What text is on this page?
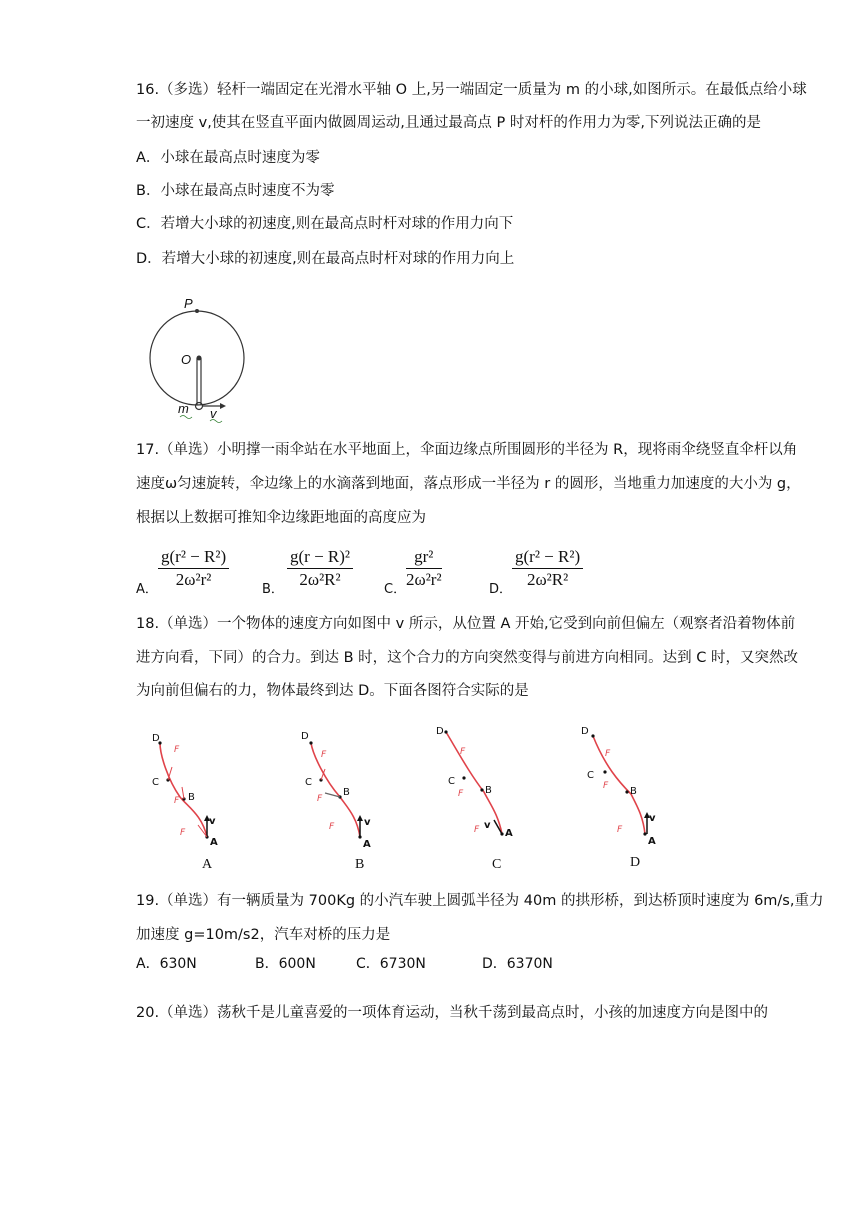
16.（多选）轻杆一端固定在光滑水平轴 O 上,另一端固定一质量为 m 的小球,如图所示。在最低点给小球
一初速度 v,使其在竖直平面内做圆周运动,且通过最高点 P 时对杆的作用力为零,下列说法正确的是
A．小球在最高点时速度为零
B．小球在最高点时速度不为零
C．若增大小球的初速度,则在最高点时杆对球的作用力向下
D．若增大小球的初速度,则在最高点时杆对球的作用力向上
P
O
m v
17.（单选）小明撑一雨伞站在水平地面上，伞面边缘点所围圆形的半径为 R，现将雨伞绕竖直伞杆以角
速度ω匀速旋转，伞边缘上的水滴落到地面，落点形成一半径为 r 的圆形，当地重力加速度的大小为 g，
根据以上数据可推知伞边缘距地面的高度应为
A． $\frac{\text{g(r² − R²)}}{\text{2ω²r²}}$	B． $\frac{\text{g(r − R)²}}{\text{2ω²R²}}$ C． $\frac{\text{gr²}}{\text{2ω²r²}}$	D． $\frac{\text{g(r² − R²)}}{\text{2ω²R²}}$
18.（单选）一个物体的速度方向如图中 v 所示，从位置 A 开始,它受到向前但偏左（观察者沿着物体前
进方向看，下同）的合力。到达 B 时，这个合力的方向突然变得与前进方向相同。达到 C 时，又突然改
为向前但偏右的力，物体最终到达 D。下面各图符合实际的是
D
C
B
A
v
F
F
F
A
D
C
B
A
v
F
F
F
B
D
C
B
A
v
F
F
F
C
D
C
B
A
v
F
F
F
D
19.（单选）有一辆质量为 700Kg 的小汽车驶上圆弧半径为 40m 的拱形桥，到达桥顶时速度为 6m/s,重力
加速度 g=10m/s2，汽车对桥的压力是
A．630N	B．600N	C．6730N	D．6370N
20.（单选）荡秋千是儿童喜爱的一项体育运动，当秋千荡到最高点时，小孩的加速度方向是图中的
